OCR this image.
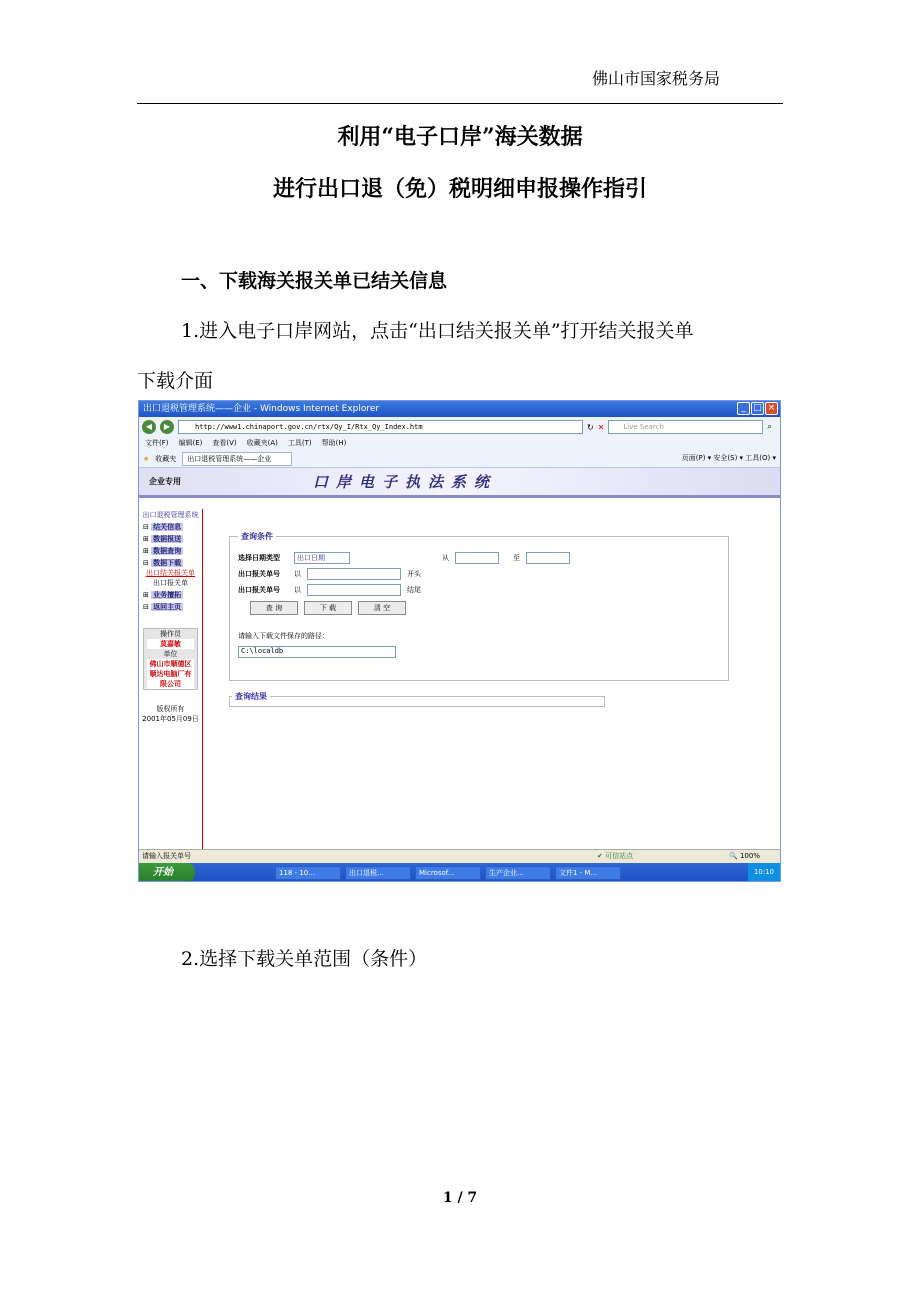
佛山市国家税务局
利用“电子口岸”海关数据
进行出口退（免）税明细申报操作指引
一、下载海关报关单已结关信息
1.进入电子口岸网站，点击“出口结关报关单”打开结关报关单
下载介面
出口退税管理系统——企业 - Windows Internet Explorer	_ □ ×
◀	▶	http://www1.chinaport.gov.cn/rtx/Qy_I/Rtx_Qy_Index.htm	↻ ✕	Live Search	⌕
文件(F) 编辑(E) 查看(V) 收藏夹(A) 工具(T) 帮助(H)
★ 收藏夹	出口退税管理系统——企业	页面(P) ▾ 安全(S) ▾ 工具(O) ▾
企业专用	口岸电子执法系统
出口退税管理系统
⊟ 结关信息
⊞ 数据报送
⊞ 数据查询
⊟ 数据下载
出口结关报关单
出口报关单
⊞ 业务擅拓
⊟ 返回主页
操作员
莫嘉敏
单位
佛山市顺德区顺达电脑厂有限公司
版权所有
2001年05月09日
查询条件
选择日期类型	出口日期	从	至
出口报关单号	以	开头
出口报关单号	以	结尾
查 询	下 载	清 空
请输入下载文件保存的路径：
C:\localdb
查询结果
请输入报关单号	✔ 可信站点	🔍 100%
开始	118 - 10...	出口退税...	Microsof...	生产企业...	文件1 - M...	10:10
2.选择下载关单范围（条件）
1 / 7
